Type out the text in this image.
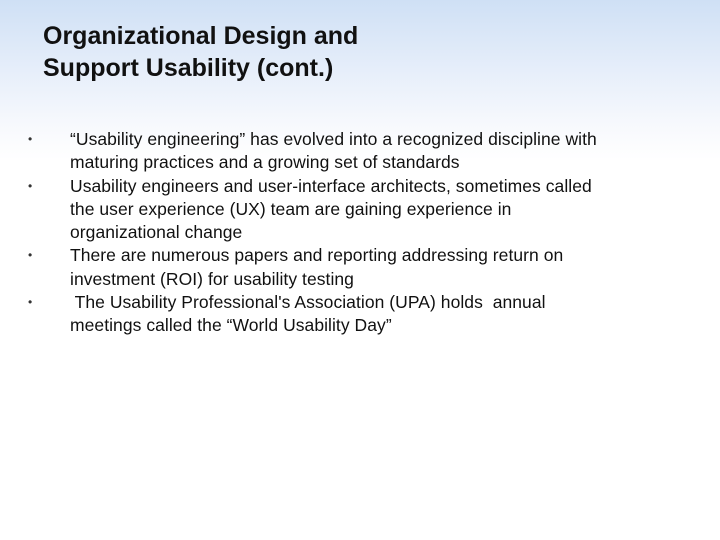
Organizational Design and
Support Usability (cont.)
•	“Usability engineering” has evolved into a recognized discipline with
maturing practices and a growing set of standards
•	Usability engineers and user-interface architects, sometimes called
the user experience (UX) team are gaining experience in
organizational change
•	There are numerous papers and reporting addressing return on
investment (ROI) for usability testing
•	The Usability Professional's Association (UPA) holds  annual
meetings called the “World Usability Day”
